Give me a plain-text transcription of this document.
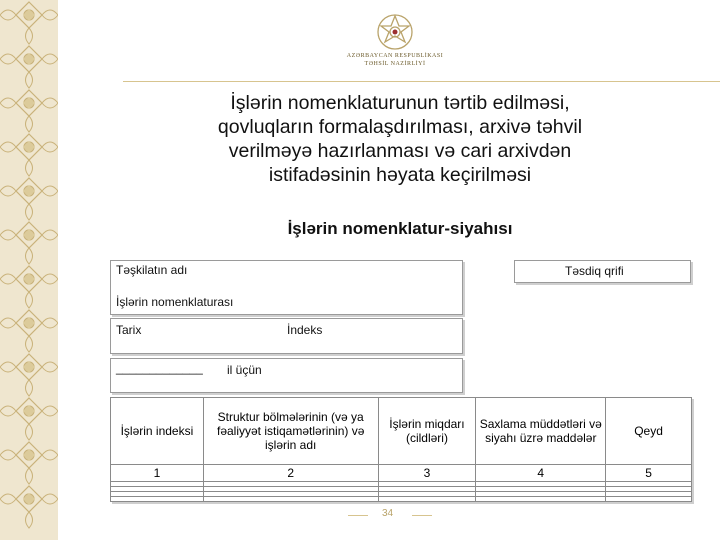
AZƏRBAYCAN RESPUBLİKASI
TƏHSİL NAZİRLİYİ
İşlərin nomenklaturunun tərtib edilməsi,
qovluqların formalaşdırılması, arxivə təhvil
verilməyə hazırlanması və cari arxivdən
istifadəsinin həyata keçirilməsi
İşlərin nomenklatur-siyahısı
Təşkilatın adı
İşlərin nomenklaturası
Təsdiq qrifi
Tarix	İndeks
_____________ il üçün
İşlərin indeksi	Struktur bölmələrinin (və ya fəaliyyət istiqamətlərinin) və işlərin adı	İşlərin miqdarı (cildləri)	Saxlama müddətləri və siyahı üzrə maddələr	Qeyd
1	2	3	4	5

34
